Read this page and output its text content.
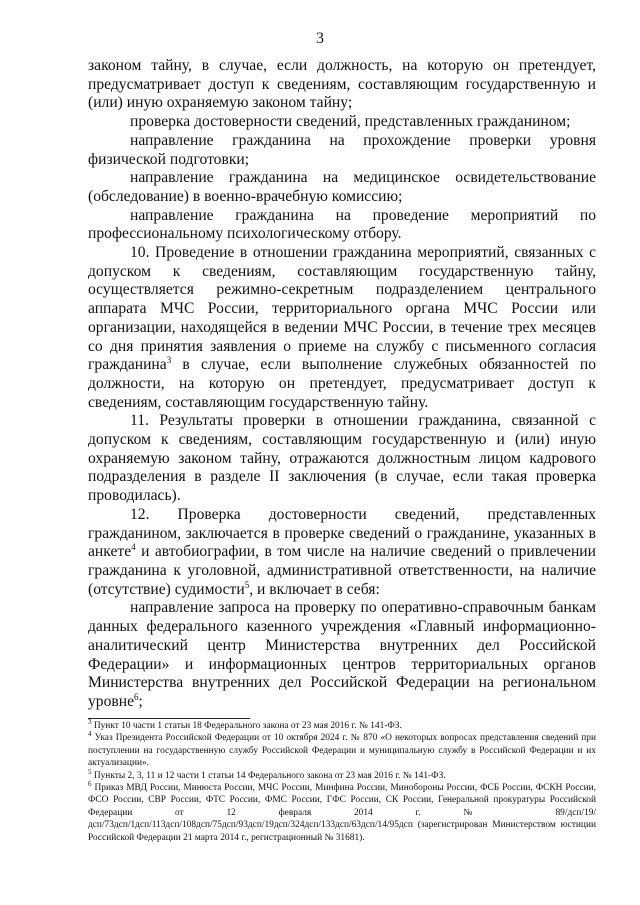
3

законом тайну, в случае, если должность, на которую он претендует, предусматривает доступ к сведениям, составляющим государственную и (или) иную охраняемую законом тайну;

проверка достоверности сведений, представленных гражданином;

направление гражданина на прохождение проверки уровня физической подготовки;

направление гражданина на медицинское освидетельствование (обследование) в военно-врачебную комиссию;

направление гражданина на проведение мероприятий по профессиональному психологическому отбору.

10. Проведение в отношении гражданина мероприятий, связанных с допуском к сведениям, составляющим государственную тайну, осуществляется режимно-секретным подразделением центрального аппарата МЧС России, территориального органа МЧС России или организации, находящейся в ведении МЧС России, в течение трех месяцев со дня принятия заявления о приеме на службу с письменного согласия гражданина$^3$ в случае, если выполнение служебных обязанностей по должности, на которую он претендует, предусматривает доступ к сведениям, составляющим государственную тайну.

11. Результаты проверки в отношении гражданина, связанной с допуском к сведениям, составляющим государственную и (или) иную охраняемую законом тайну, отражаются должностным лицом кадрового подразделения в разделе II заключения (в случае, если такая проверка проводилась).

12. Проверка достоверности сведений, представленных гражданином, заключается в проверке сведений о гражданине, указанных в анкете$^4$ и автобиографии, в том числе на наличие сведений о привлечении гражданина к уголовной, административной ответственности, на наличие (отсутствие) судимости$^5$, и включает в себя:

направление запроса на проверку по оперативно-справочным банкам данных федерального казенного учреждения «Главный информационно-аналитический центр Министерства внутренних дел Российской Федерации» и информационных центров территориальных органов Министерства внутренних дел Российской Федерации на региональном уровне$^6$;

$^3$ Пункт 10 части 1 статьи 18 Федерального закона от 23 мая 2016 г. № 141-ФЗ.

$^4$ Указ Президента Российской Федерации от 10 октября 2024 г. № 870 «О некоторых вопросах представления сведений при поступлении на государственную службу Российской Федерации и муниципальную службу в Российской Федерации и их актуализации».

$^5$ Пункты 2, 3, 11 и 12 части 1 статьи 14 Федерального закона от 23 мая 2016 г. № 141-ФЗ.

$^6$ Приказ МВД России, Минюста России, МЧС России, Минфина России, Минобороны России, ФСБ России, ФСКН России, ФСО России, СВР России, ФТС России, ФМС России, ГФС России, СК России, Генеральной прокуратуры Российской Федерации от 12 февраля 2014 г. № 89/дсп/19/дсп/73дсп/1дсп/113дсп/108дсп/75дсп/93дсп/19дсп/324дсп/133дсп/63дсп/14/95дсп (зарегистрирован Министерством юстиции Российской Федерации 21 марта 2014 г., регистрационный № 31681).
